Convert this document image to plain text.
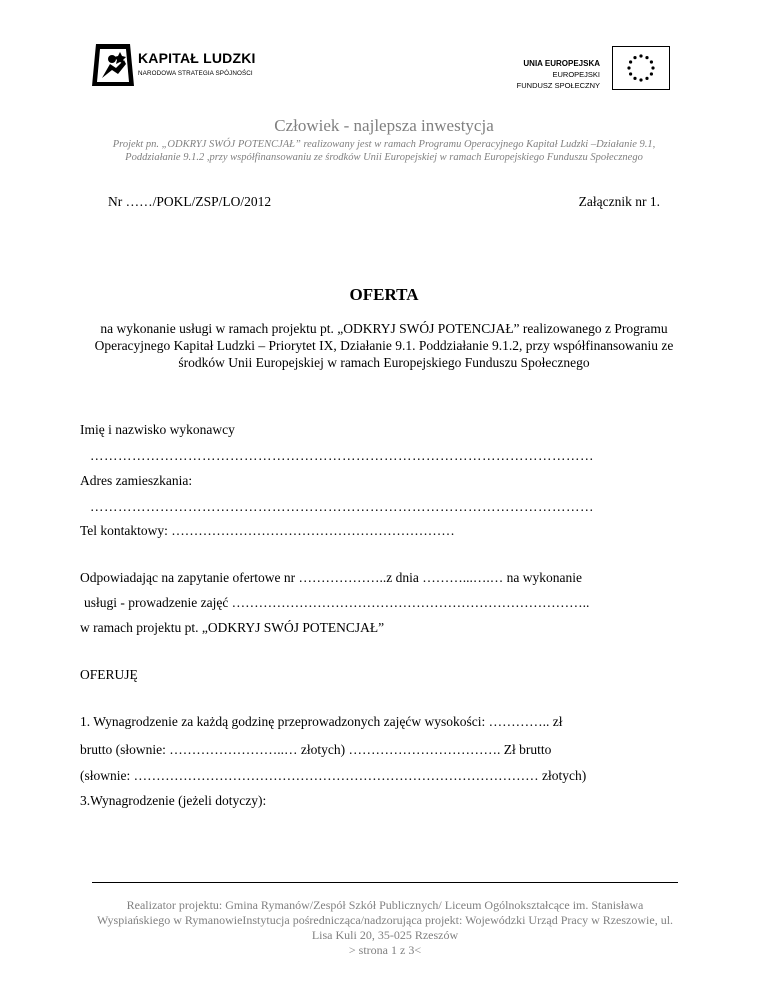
KAPITAŁ LUDZKI
NARODOWA STRATEGIA SPÓJNOŚCI
UNIA EUROPEJSKA
EUROPEJSKI
FUNDUSZ SPOŁECZNY
Człowiek - najlepsza inwestycja
Projekt pn. „ODKRYJ SWÓJ POTENCJAŁ” realizowany jest w ramach Programu Operacyjnego Kapitał Ludzki –Działanie 9.1, Poddziałanie 9.1.2 ,przy współfinansowaniu ze środków Unii Europejskiej w ramach Europejskiego Funduszu Społecznego
Nr ……/POKL/ZSP/LO/2012	Załącznik nr 1.
OFERTA
na wykonanie usługi w ramach projektu pt. „ODKRYJ SWÓJ POTENCJAŁ” realizowanego z Programu Operacyjnego Kapitał Ludzki – Priorytet IX, Działanie 9.1. Poddziałanie 9.1.2, przy współfinansowaniu ze środków Unii Europejskiej w ramach Europejskiego Funduszu Społecznego
Imię i nazwisko wykonawcy
………………………………………………………………………………………………
Adres zamieszkania:
………………………………………………………………………………………………
Tel kontaktowy: ………………………………………………………
Odpowiadając na zapytanie ofertowe nr ………………..z dnia ………...….… na wykonanie
usługi - prowadzenie zajęć ……………………………………………………………………..
w ramach projektu pt. „ODKRYJ SWÓJ POTENCJAŁ”
OFERUJĘ
1. Wynagrodzenie za każdą godzinę przeprowadzonych zajęćw wysokości: ………….. zł
brutto (słownie: ……………………..… złotych) ……………………………. Zł brutto
(słownie: ……………………………………………………………………………… złotych)
3.Wynagrodzenie (jeżeli dotyczy):
Realizator projektu: Gmina Rymanów/Zespół Szkół Publicznych/ Liceum Ogólnokształcące im. Stanisława Wyspiańskiego w RymanowieInstytucja pośrednicząca/nadzorująca projekt: Wojewódzki Urząd Pracy w Rzeszowie, ul. Lisa Kuli 20, 35-025 Rzeszów
> strona 1 z 3<
